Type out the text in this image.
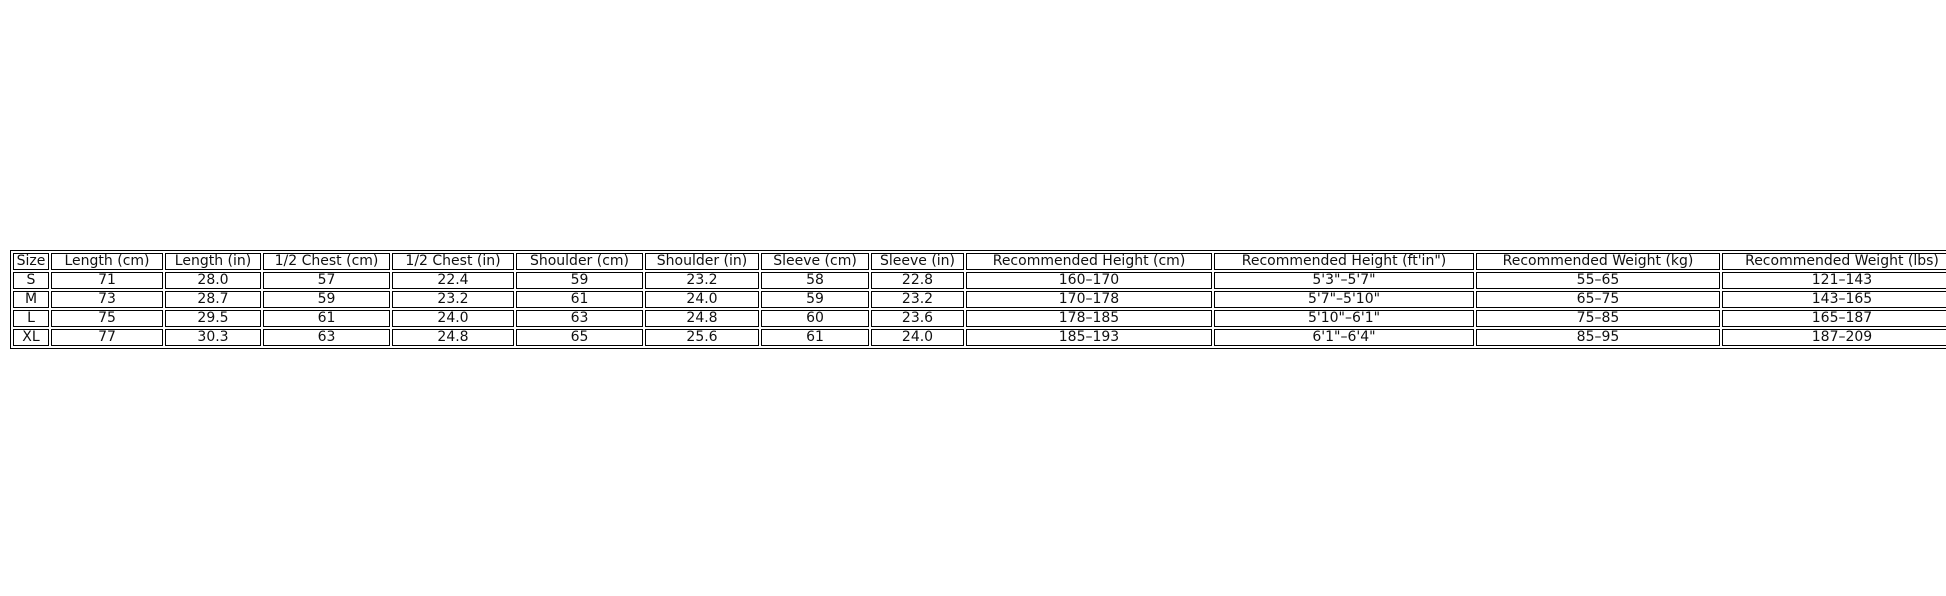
Size	Length (cm)	Length (in)	1/2 Chest (cm)	1/2 Chest (in)	Shoulder (cm)	Shoulder (in)	Sleeve (cm)	Sleeve (in)	Recommended Height (cm)	Recommended Height (ft'in")	Recommended Weight (kg)	Recommended Weight (lbs)
S	71	28.0	57	22.4	59	23.2	58	22.8	160–170	5'3"–5'7"	55–65	121–143
M	73	28.7	59	23.2	61	24.0	59	23.2	170–178	5'7"–5'10"	65–75	143–165
L	75	29.5	61	24.0	63	24.8	60	23.6	178–185	5'10"–6'1"	75–85	165–187
XL	77	30.3	63	24.8	65	25.6	61	24.0	185–193	6'1"–6'4"	85–95	187–209
